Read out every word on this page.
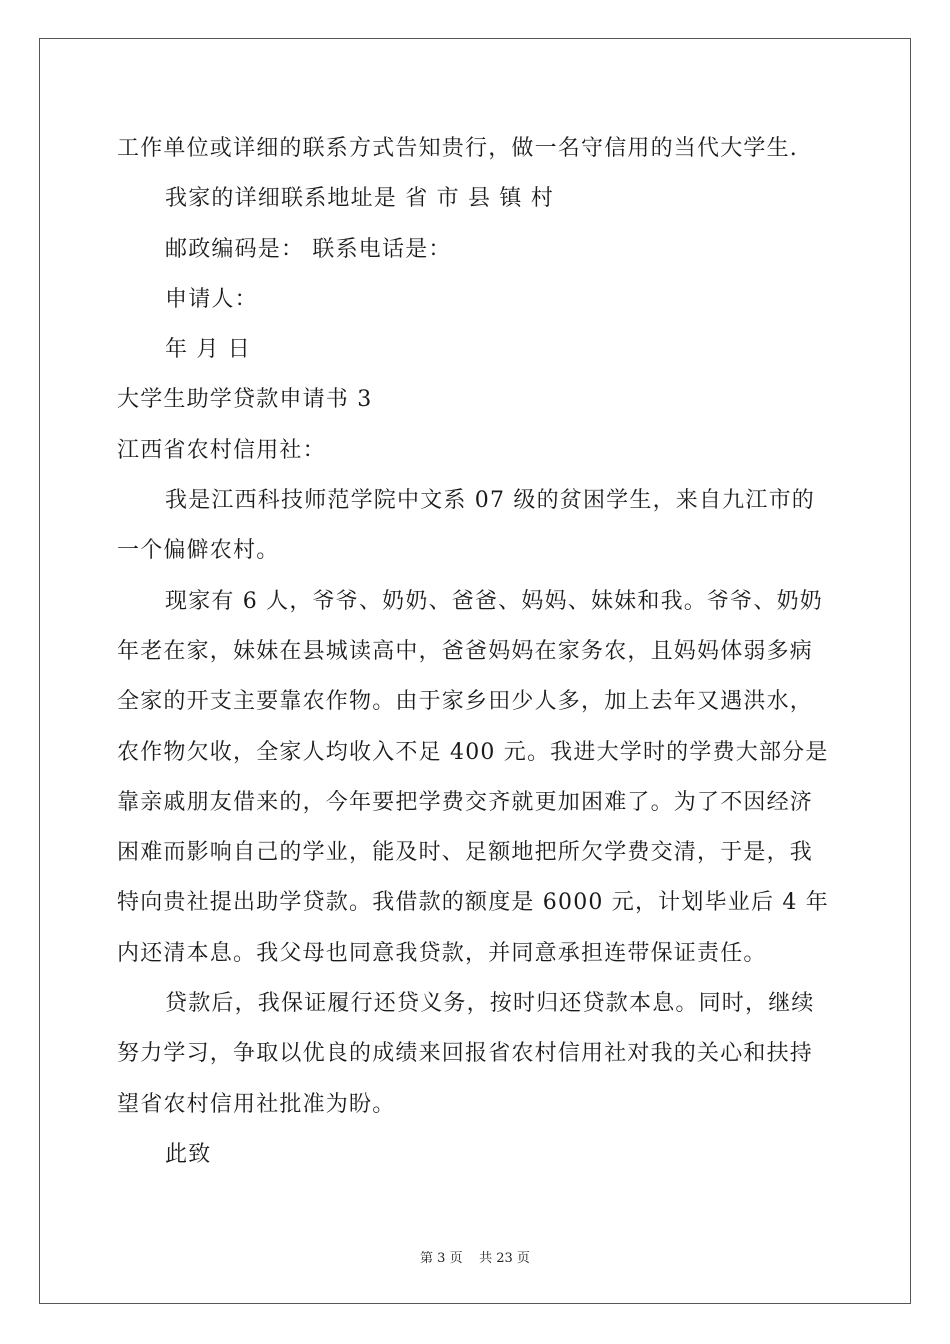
工作单位或详细的联系方式告知贵行，做一名守信用的当代大学生.
我家的详细联系地址是 省 市 县 镇 村
邮政编码是： 联系电话是：
申请人：
年 月 日
大学生助学贷款申请书 3
江西省农村信用社：
我是江西科技师范学院中文系 07 级的贫困学生，来自九江市的
一个偏僻农村。
现家有 6 人，爷爷、奶奶、爸爸、妈妈、妹妹和我。爷爷、奶奶
年老在家，妹妹在县城读高中，爸爸妈妈在家务农，且妈妈体弱多病
全家的开支主要靠农作物。由于家乡田少人多，加上去年又遇洪水，
农作物欠收，全家人均收入不足 400 元。我进大学时的学费大部分是
靠亲戚朋友借来的，今年要把学费交齐就更加困难了。为了不因经济
困难而影响自己的学业，能及时、足额地把所欠学费交清，于是，我
特向贵社提出助学贷款。我借款的额度是 6000 元，计划毕业后 4 年
内还清本息。我父母也同意我贷款，并同意承担连带保证责任。
贷款后，我保证履行还贷义务，按时归还贷款本息。同时，继续
努力学习，争取以优良的成绩来回报省农村信用社对我的关心和扶持
望省农村信用社批准为盼。
此致
第 3 页 共 23 页
